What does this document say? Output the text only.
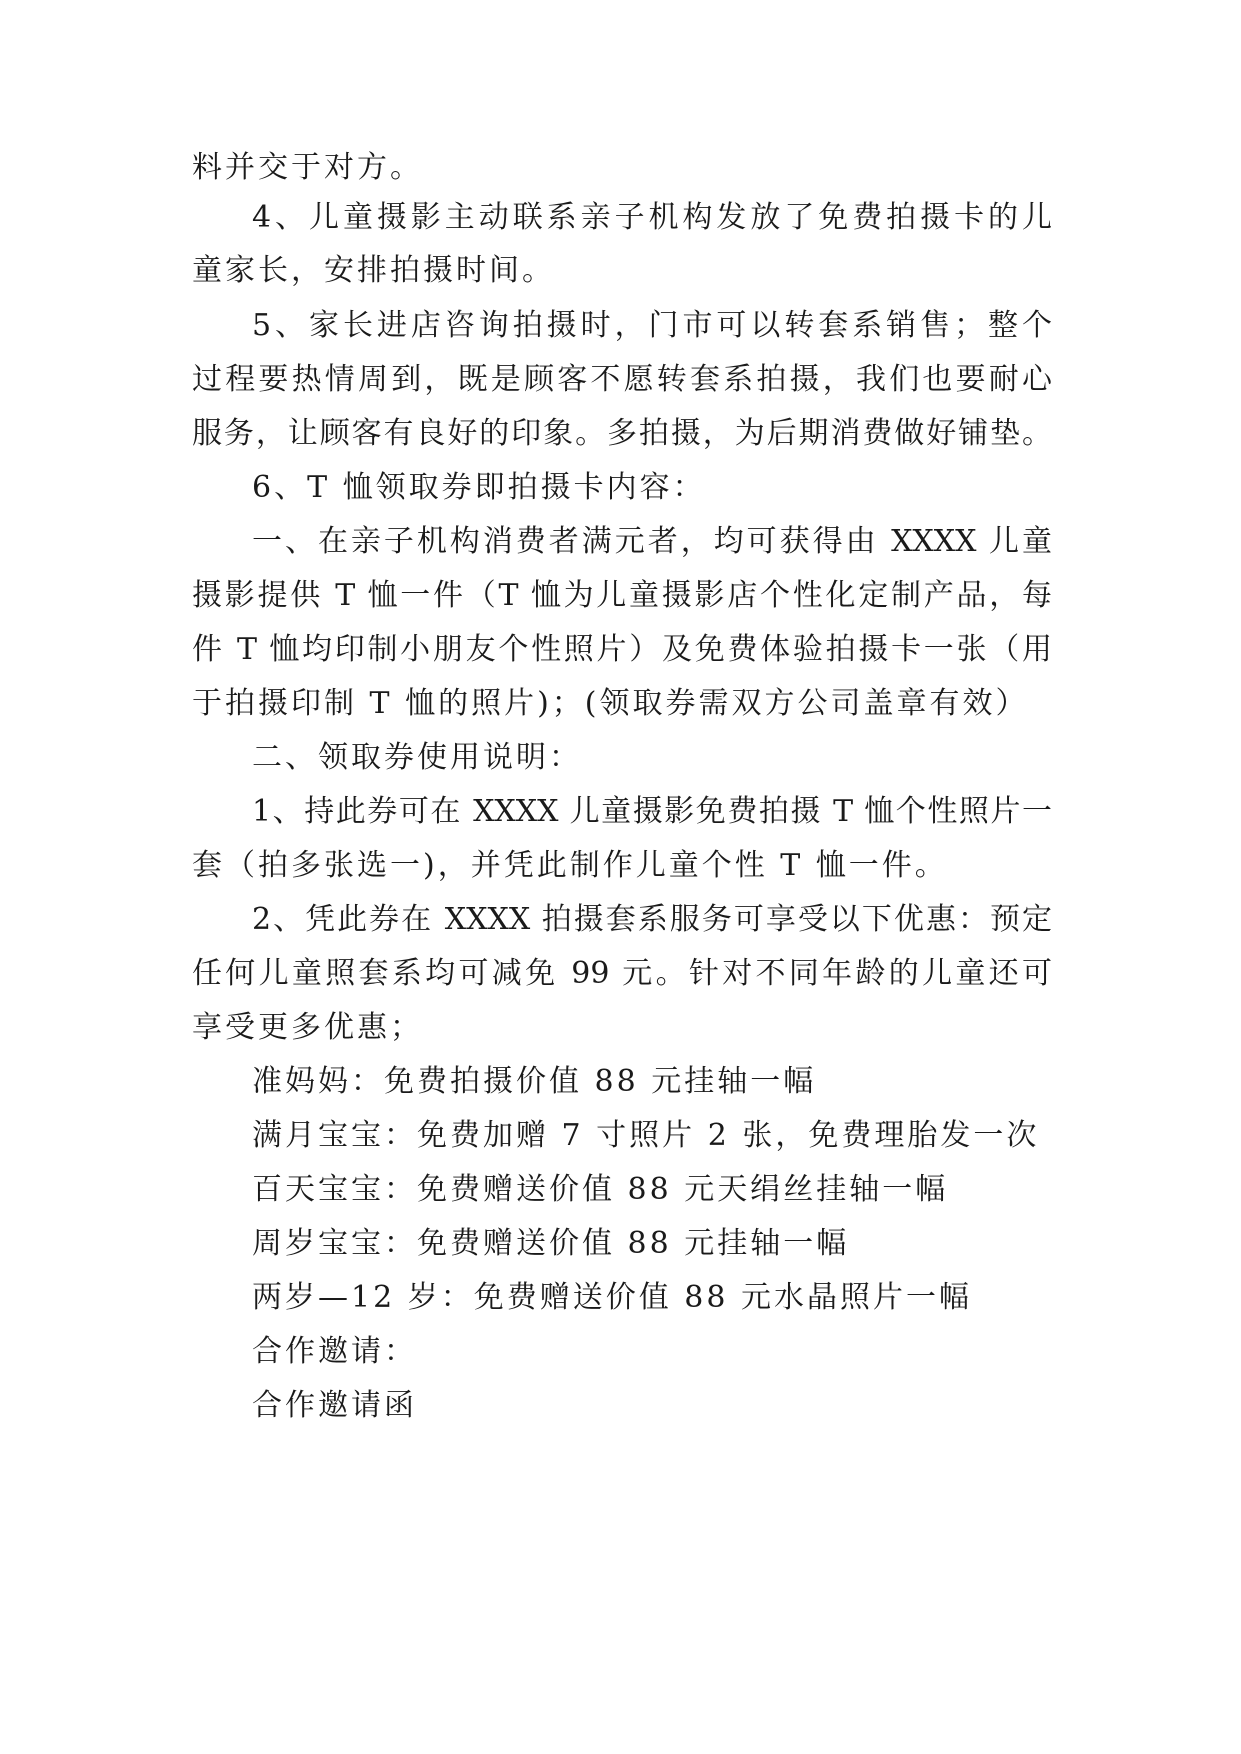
料并交于对方。
4、儿童摄影主动联系亲子机构发放了免费拍摄卡的儿
童家长，安排拍摄时间。
5、家长进店咨询拍摄时，门市可以转套系销售；整个
过程要热情周到，既是顾客不愿转套系拍摄，我们也要耐心
服务，让顾客有良好的印象。多拍摄，为后期消费做好铺垫。
6、T 恤领取券即拍摄卡内容：
一、在亲子机构消费者满元者，均可获得由 XXXX 儿童
摄影提供 T 恤一件（T 恤为儿童摄影店个性化定制产品，每
件 T 恤均印制小朋友个性照片）及免费体验拍摄卡一张（用
于拍摄印制 T 恤的照片)；(领取券需双方公司盖章有效）
二、领取券使用说明：
1、持此券可在 XXXX 儿童摄影免费拍摄 T 恤个性照片一
套（拍多张选一)，并凭此制作儿童个性 T 恤一件。
2、凭此券在 XXXX 拍摄套系服务可享受以下优惠：预定
任何儿童照套系均可减免 99 元。针对不同年龄的儿童还可
享受更多优惠；
准妈妈：免费拍摄价值 88 元挂轴一幅
满月宝宝：免费加赠 7 寸照片 2 张，免费理胎发一次
百天宝宝：免费赠送价值 88 元天绢丝挂轴一幅
周岁宝宝：免费赠送价值 88 元挂轴一幅
两岁—12 岁：免费赠送价值 88 元水晶照片一幅
合作邀请：
合作邀请函
